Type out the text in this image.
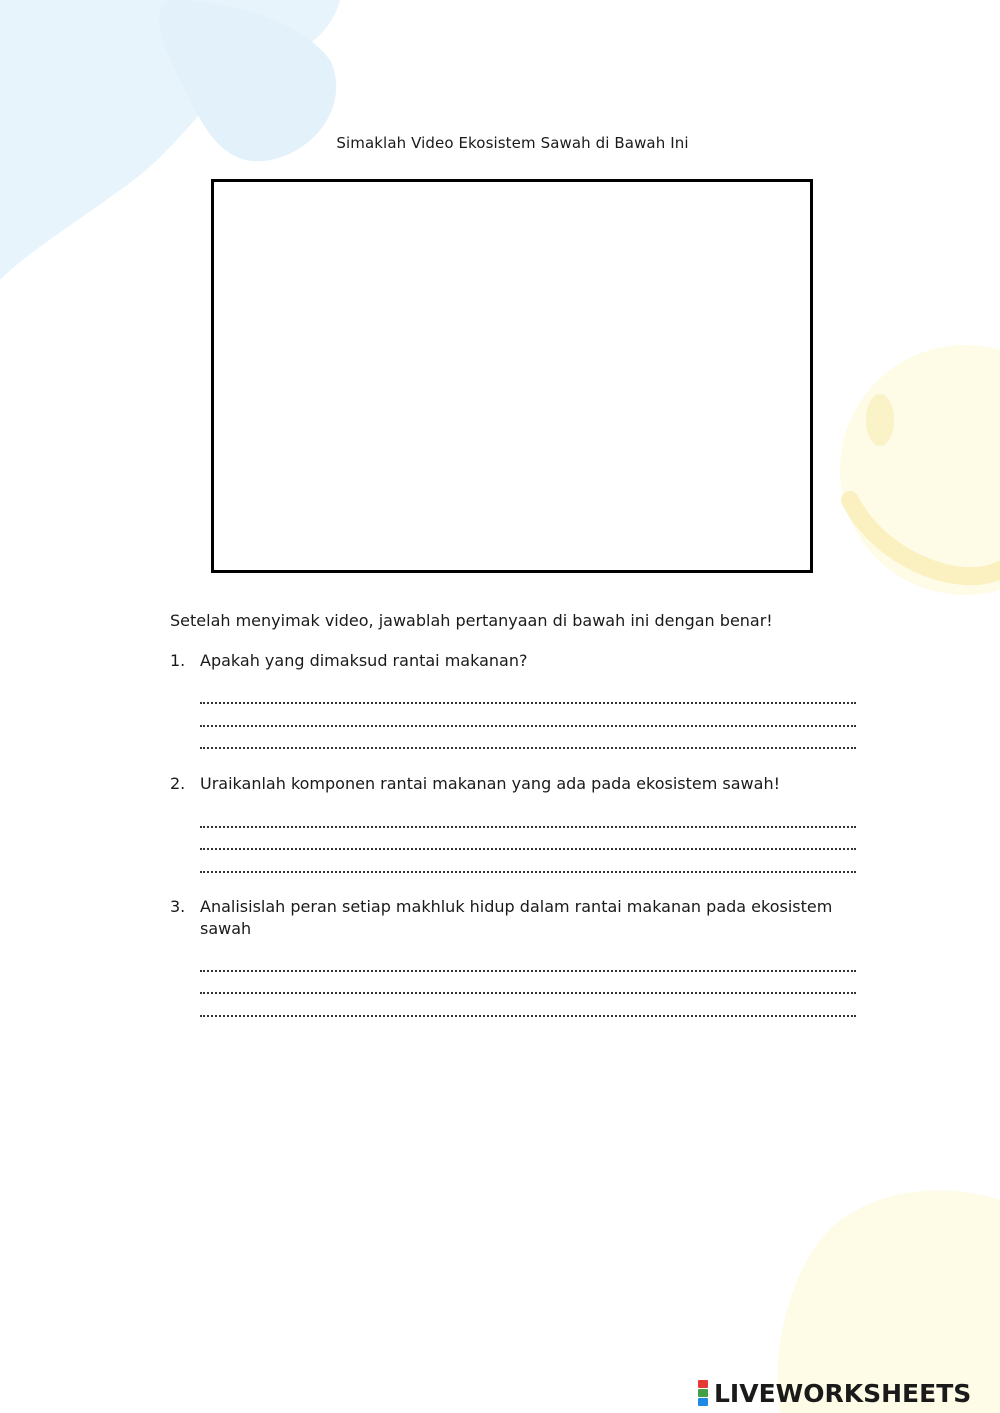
Simaklah Video Ekosistem Sawah di Bawah Ini
Setelah menyimak video, jawablah pertanyaan di bawah ini dengan benar!
1. Apakah yang dimaksud rantai makanan?
2. Uraikanlah komponen rantai makanan yang ada pada ekosistem sawah!
3. Analisislah peran setiap makhluk hidup dalam rantai makanan pada ekosistem sawah
LIVEWORKSHEETS
